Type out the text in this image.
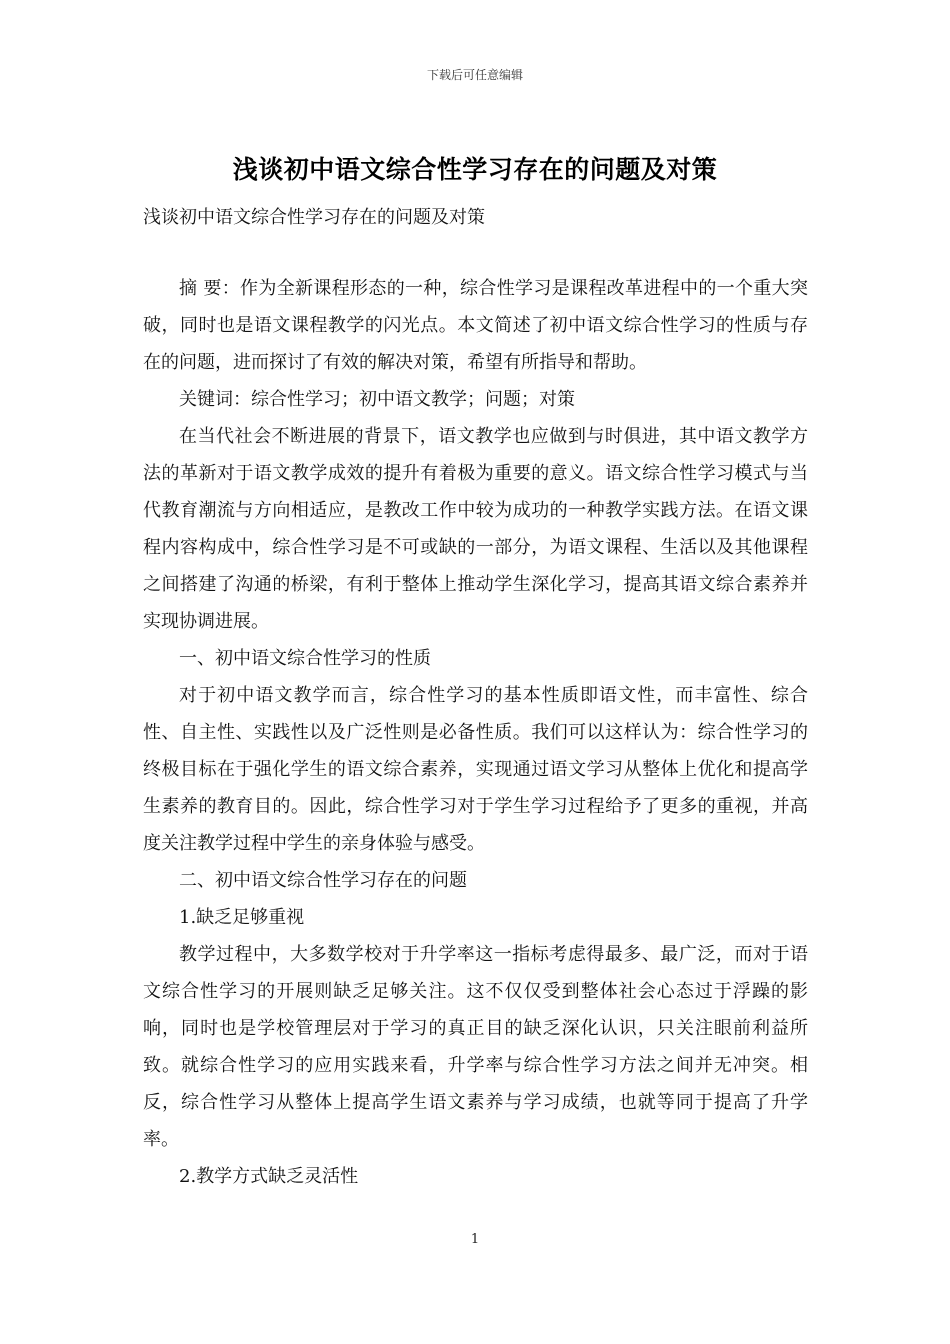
下载后可任意编辑
浅谈初中语文综合性学习存在的问题及对策
浅谈初中语文综合性学习存在的问题及对策

摘 要：作为全新课程形态的一种，综合性学习是课程改革进程中的一个重大突破，同时也是语文课程教学的闪光点。本文简述了初中语文综合性学习的性质与存在的问题，进而探讨了有效的解决对策，希望有所指导和帮助。

关键词：综合性学习；初中语文教学；问题；对策

在当代社会不断进展的背景下，语文教学也应做到与时俱进，其中语文教学方法的革新对于语文教学成效的提升有着极为重要的意义。语文综合性学习模式与当代教育潮流与方向相适应，是教改工作中较为成功的一种教学实践方法。在语文课程内容构成中，综合性学习是不可或缺的一部分，为语文课程、生活以及其他课程之间搭建了沟通的桥梁，有利于整体上推动学生深化学习，提高其语文综合素养并实现协调进展。

一、初中语文综合性学习的性质

对于初中语文教学而言，综合性学习的基本性质即语文性，而丰富性、综合性、自主性、实践性以及广泛性则是必备性质。我们可以这样认为：综合性学习的终极目标在于强化学生的语文综合素养，实现通过语文学习从整体上优化和提高学生素养的教育目的。因此，综合性学习对于学生学习过程给予了更多的重视，并高度关注教学过程中学生的亲身体验与感受。

二、初中语文综合性学习存在的问题

1.缺乏足够重视

教学过程中，大多数学校对于升学率这一指标考虑得最多、最广泛，而对于语文综合性学习的开展则缺乏足够关注。这不仅仅受到整体社会心态过于浮躁的影响，同时也是学校管理层对于学习的真正目的缺乏深化认识，只关注眼前利益所致。就综合性学习的应用实践来看，升学率与综合性学习方法之间并无冲突。相反，综合性学习从整体上提高学生语文素养与学习成绩，也就等同于提高了升学率。

2.教学方式缺乏灵活性

1
